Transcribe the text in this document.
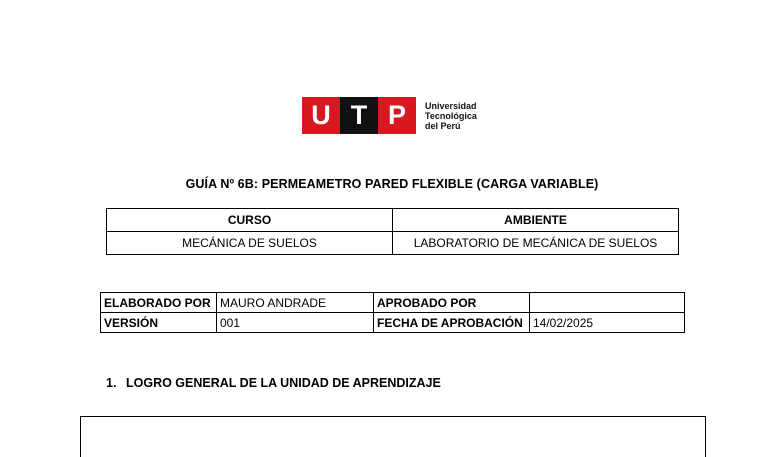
U T P	Universidad
Tecnológica
del Perú
GUÍA Nº 6B: PERMEAMETRO PARED FLEXIBLE (CARGA VARIABLE)
CURSO	AMBIENTE
MECÁNICA DE SUELOS	LABORATORIO DE MECÁNICA DE SUELOS
ELABORADO POR	MAURO ANDRADE	APROBADO POR	
VERSIÓN	001	FECHA DE APROBACIÓN	14/02/2025
1. LOGRO GENERAL DE LA UNIDAD DE APRENDIZAJE
